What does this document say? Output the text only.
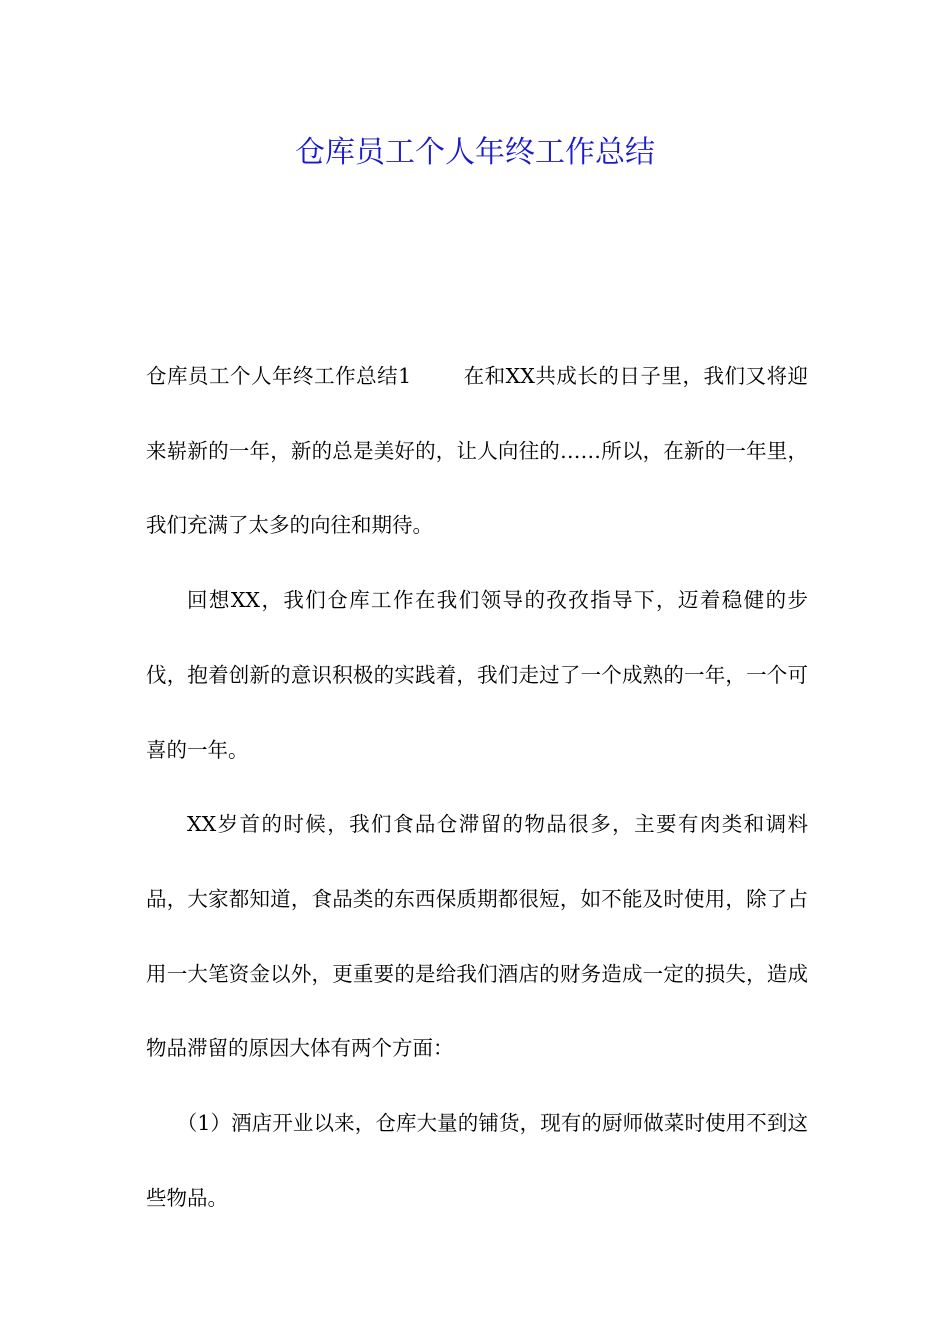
仓库员工个人年终工作总结

仓库员工个人年终工作总结1	在和XX共成长的日子里，我们又将迎来崭新的一年，新的总是美好的，让人向往的……所以，在新的一年里，我们充满了太多的向往和期待。

回想XX，我们仓库工作在我们领导的孜孜指导下，迈着稳健的步伐，抱着创新的意识积极的实践着，我们走过了一个成熟的一年，一个可喜的一年。

XX岁首的时候，我们食品仓滞留的物品很多，主要有肉类和调料品，大家都知道，食品类的东西保质期都很短，如不能及时使用，除了占用一大笔资金以外，更重要的是给我们酒店的财务造成一定的损失，造成物品滞留的原因大体有两个方面：

（1）酒店开业以来，仓库大量的铺货，现有的厨师做菜时使用不到这些物品。
